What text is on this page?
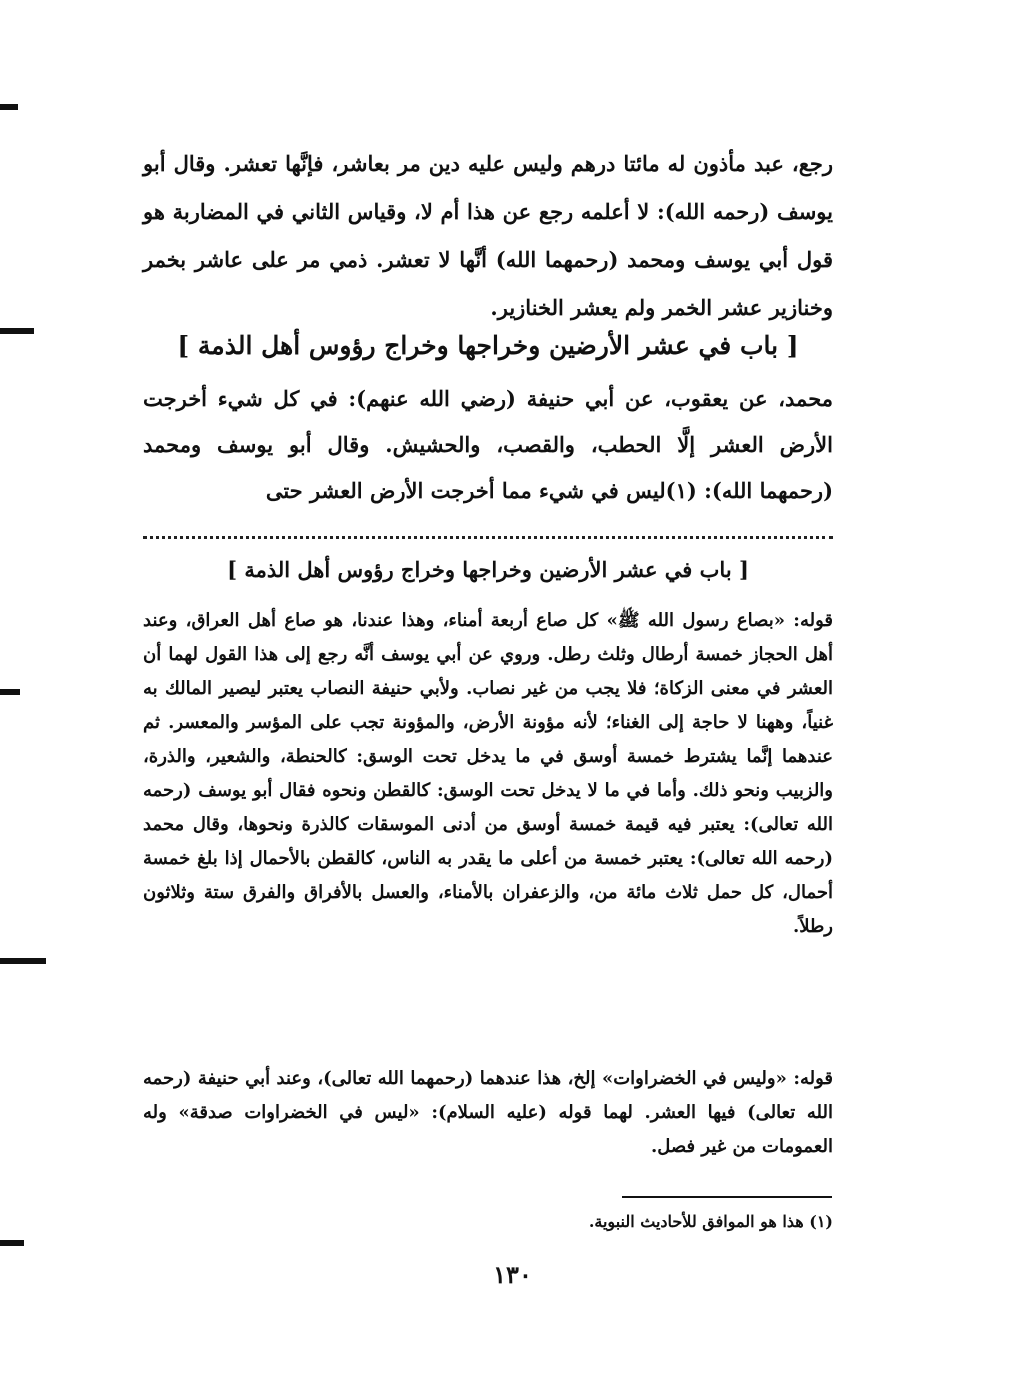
رجع، عبد مأذون له مائتا درهم وليس عليه دين مر بعاشر، فإنَّها تعشر. وقال أبو يوسف (رحمه الله): لا أعلمه رجع عن هذا أم لا، وقياس الثاني في المضاربة هو قول أبي يوسف ومحمد (رحمهما الله) أنَّها لا تعشر. ذمي مر على عاشر بخمر وخنازير عشر الخمر ولم يعشر الخنازير.

[ باب في عشر الأرضين وخراجها وخراج رؤوس أهل الذمة ]

محمد، عن يعقوب، عن أبي حنيفة (رضي الله عنهم): في كل شيء أخرجت الأرض العشر إلَّا الحطب، والقصب، والحشيش. وقال أبو يوسف ومحمد (رحمهما الله): (١)ليس في شيء مما أخرجت الأرض العشر حتى

[ باب في عشر الأرضين وخراجها وخراج رؤوس أهل الذمة ]

قوله: «بصاع رسول الله ﷺ» كل صاع أربعة أمناء، وهذا عندنا، هو صاع أهل العراق، وعند أهل الحجاز خمسة أرطال وثلث رطل. وروي عن أبي يوسف أنَّه رجع إلى هذا القول لهما أن العشر في معنى الزكاة؛ فلا يجب من غير نصاب. ولأبي حنيفة النصاب يعتبر ليصير المالك به غنياً، وههنا لا حاجة إلى الغناء؛ لأنه مؤونة الأرض، والمؤونة تجب على المؤسر والمعسر. ثم عندهما إنَّما يشترط خمسة أوسق في ما يدخل تحت الوسق: كالحنطة، والشعير، والذرة، والزبيب ونحو ذلك. وأما في ما لا يدخل تحت الوسق: كالقطن ونحوه فقال أبو يوسف (رحمه الله تعالى): يعتبر فيه قيمة خمسة أوسق من أدنى الموسقات كالذرة ونحوها، وقال محمد (رحمه الله تعالى): يعتبر خمسة من أعلى ما يقدر به الناس، كالقطن بالأحمال إذا بلغ خمسة أحمال، كل حمل ثلاث مائة من، والزعفران بالأمناء، والعسل بالأفراق والفرق ستة وثلاثون رطلاً.

قوله: «وليس في الخضراوات» إلخ، هذا عندهما (رحمهما الله تعالى)، وعند أبي حنيفة (رحمه الله تعالى) فيها العشر. لهما قوله (عليه السلام): «ليس في الخضراوات صدقة» وله العمومات من غير فصل.

(١) هذا هو الموافق للأحاديث النبوية.

١٣٠
